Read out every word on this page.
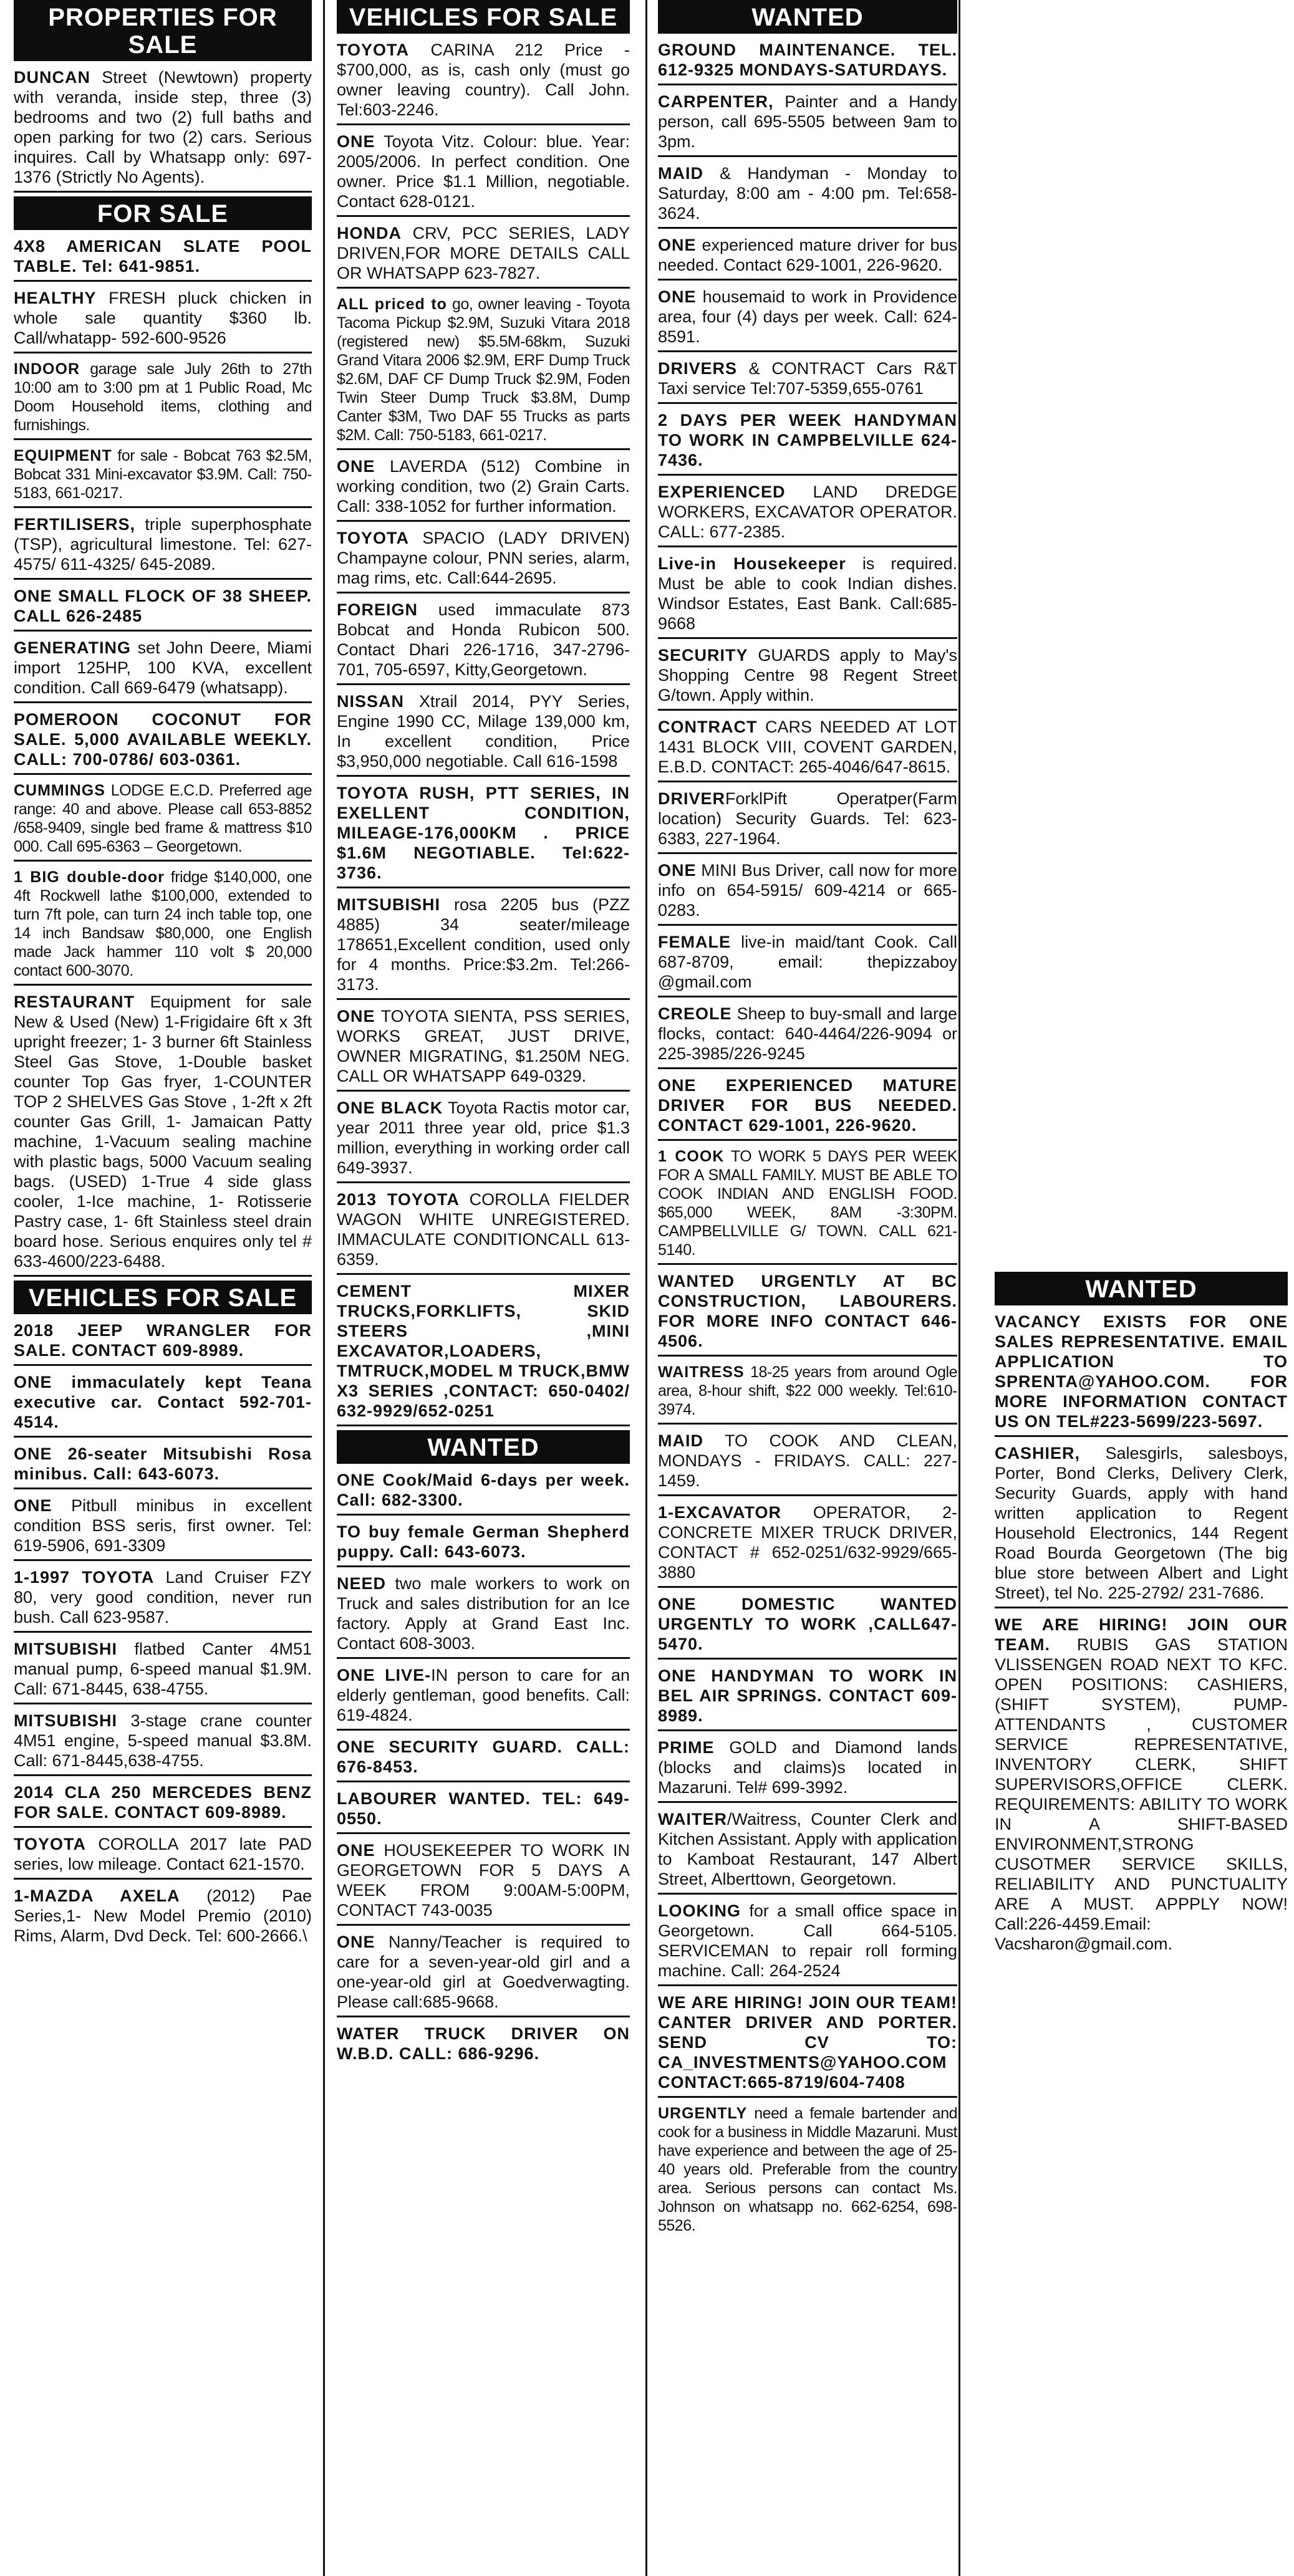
PROPERTIES FOR SALE
DUNCAN Street (Newtown) property with veranda, inside step, three (3) bedrooms and two (2) full baths and open parking for two (2) cars. Serious inquires. Call by Whatsapp only: 697-1376 (Strictly No Agents).
FOR SALE
4X8 AMERICAN SLATE POOL TABLE. Tel: 641-9851.
HEALTHY FRESH pluck chicken in whole sale quantity $360 lb. Call/whatapp- 592-600-9526
INDOOR garage sale July 26th to 27th 10:00 am to 3:00 pm at 1 Public Road, Mc Doom Household items, clothing and furnishings.
EQUIPMENT for sale - Bobcat 763 $2.5M, Bobcat 331 Mini-excavator $3.9M. Call: 750-5183, 661-0217.
FERTILISERS, triple superphosphate (TSP), agricultural limestone. Tel: 627-4575/ 611-4325/ 645-2089.
ONE SMALL FLOCK OF 38 SHEEP. CALL 626-2485
GENERATING set John Deere, Miami import 125HP, 100 KVA, excellent condition. Call 669-6479 (whatsapp).
POMEROON COCONUT FOR SALE. 5,000 AVAILABLE WEEKLY. CALL: 700-0786/ 603-0361.
CUMMINGS LODGE E.C.D. Preferred age range: 40 and above. Please call 653-8852 /658-9409, single bed frame & mattress $10 000. Call 695-6363 – Georgetown.
1 BIG double-door fridge $140,000, one 4ft Rockwell lathe $100,000, extended to turn 7ft pole, can turn 24 inch table top, one 14 inch Bandsaw $80,000, one English made Jack hammer 110 volt $ 20,000 contact 600-3070.
RESTAURANT Equipment for sale New & Used (New) 1-Frigidaire 6ft x 3ft upright freezer; 1- 3 burner 6ft Stainless Steel Gas Stove, 1-Double basket counter Top Gas fryer, 1-COUNTER TOP 2 SHELVES Gas Stove , 1-2ft x 2ft counter Gas Grill, 1- Jamaican Patty machine, 1-Vacuum sealing machine with plastic bags, 5000 Vacuum sealing bags. (USED) 1-True 4 side glass cooler, 1-Ice machine, 1- Rotisserie Pastry case, 1- 6ft Stainless steel drain board hose. Serious enquires only tel # 633-4600/223-6488.
VEHICLES FOR SALE
2018 JEEP WRANGLER FOR SALE. CONTACT 609-8989.
ONE immaculately kept Teana executive car. Contact 592-701-4514.
ONE 26-seater Mitsubishi Rosa minibus. Call: 643-6073.
ONE Pitbull minibus in excellent condition BSS seris, first owner. Tel: 619-5906, 691-3309
1-1997 TOYOTA Land Cruiser FZY 80, very good condition, never run bush. Call 623-9587.
MITSUBISHI flatbed Canter 4M51 manual pump, 6-speed manual $1.9M. Call: 671-8445, 638-4755.
MITSUBISHI 3-stage crane counter 4M51 engine, 5-speed manual $3.8M. Call: 671-8445,638-4755.
2014 CLA 250 MERCEDES BENZ FOR SALE. CONTACT 609-8989.
TOYOTA COROLLA 2017 late PAD series, low mileage. Contact 621-1570.
1-MAZDA AXELA (2012) Pae Series,1- New Model Premio (2010) Rims, Alarm, Dvd Deck. Tel: 600-2666.\
VEHICLES FOR SALE
TOYOTA CARINA 212 Price - $700,000, as is, cash only (must go owner leaving country). Call John. Tel:603-2246.
ONE Toyota Vitz. Colour: blue. Year: 2005/2006. In perfect condition. One owner. Price $1.1 Million, negotiable. Contact 628-0121.
HONDA CRV, PCC SERIES, LADY DRIVEN,FOR MORE DETAILS CALL OR WHATSAPP 623-7827.
ALL priced to go, owner leaving - Toyota Tacoma Pickup $2.9M, Suzuki Vitara 2018 (registered new) $5.5M-68km, Suzuki Grand Vitara 2006 $2.9M, ERF Dump Truck $2.6M, DAF CF Dump Truck $2.9M, Foden Twin Steer Dump Truck $3.8M, Dump Canter $3M, Two DAF 55 Trucks as parts $2M. Call: 750-5183, 661-0217.
ONE LAVERDA (512) Combine in working condition, two (2) Grain Carts. Call: 338-1052 for further information.
TOYOTA SPACIO (LADY DRIVEN) Champayne colour, PNN series, alarm, mag rims, etc. Call:644-2695.
FOREIGN used immaculate 873 Bobcat and Honda Rubicon 500. Contact Dhari 226-1716, 347-2796-701, 705-6597, Kitty,Georgetown.
NISSAN Xtrail 2014, PYY Series, Engine 1990 CC, Milage 139,000 km, In excellent condition, Price $3,950,000 negotiable. Call 616-1598
TOYOTA RUSH, PTT SERIES, IN EXELLENT CONDITION, MILEAGE-176,000KM . PRICE $1.6M NEGOTIABLE. Tel:622-3736.
MITSUBISHI rosa 2205 bus (PZZ 4885) 34 seater/mileage 178651,Excellent condition, used only for 4 months. Price:$3.2m. Tel:266-3173.
ONE TOYOTA SIENTA, PSS SERIES, WORKS GREAT, JUST DRIVE, OWNER MIGRATING, $1.250M NEG. CALL OR WHATSAPP 649-0329.
ONE BLACK Toyota Ractis motor car, year 2011 three year old, price $1.3 million, everything in working order call 649-3937.
2013 TOYOTA COROLLA FIELDER WAGON WHITE UNREGISTERED. IMMACULATE CONDITIONCALL 613-6359.
CEMENT MIXER TRUCKS,FORKLIFTS, SKID STEERS ,MINI EXCAVATOR,LOADERS, TMTRUCK,MODEL M TRUCK,BMW X3 SERIES ,CONTACT: 650-0402/ 632-9929/652-0251
WANTED
ONE Cook/Maid 6-days per week. Call: 682-3300.
TO buy female German Shepherd puppy. Call: 643-6073.
NEED two male workers to work on Truck and sales distribution for an Ice factory. Apply at Grand East Inc. Contact 608-3003.
ONE LIVE-IN person to care for an elderly gentleman, good benefits. Call: 619-4824.
ONE SECURITY GUARD. CALL: 676-8453.
LABOURER WANTED. TEL: 649-0550.
ONE HOUSEKEEPER TO WORK IN GEORGETOWN FOR 5 DAYS A WEEK FROM 9:00AM-5:00PM, CONTACT 743-0035
ONE Nanny/Teacher is required to care for a seven-year-old girl and a one-year-old girl at Goedverwagting. Please call:685-9668.
WATER TRUCK DRIVER ON W.B.D. CALL: 686-9296.
WANTED
GROUND MAINTENANCE. TEL. 612-9325 MONDAYS-SATURDAYS.
CARPENTER, Painter and a Handy person, call 695-5505 between 9am to 3pm.
MAID & Handyman - Monday to Saturday, 8:00 am - 4:00 pm. Tel:658-3624.
ONE experienced mature driver for bus needed. Contact 629-1001, 226-9620.
ONE housemaid to work in Providence area, four (4) days per week. Call: 624-8591.
DRIVERS & CONTRACT Cars R&T Taxi service Tel:707-5359,655-0761
2 DAYS PER WEEK HANDYMAN TO WORK IN CAMPBELVILLE 624-7436.
EXPERIENCED LAND DREDGE WORKERS, EXCAVATOR OPERATOR. CALL: 677-2385.
Live-in Housekeeper is required. Must be able to cook Indian dishes. Windsor Estates, East Bank. Call:685-9668
SECURITY GUARDS apply to May's Shopping Centre 98 Regent Street G/town. Apply within.
CONTRACT CARS NEEDED AT LOT 1431 BLOCK VIII, COVENT GARDEN, E.B.D. CONTACT: 265-4046/647-8615.
DRIVERForklPift Operatper(Farm location) Security Guards. Tel: 623-6383, 227-1964.
ONE MINI Bus Driver, call now for more info on 654-5915/ 609-4214 or 665-0283.
FEMALE live-in maid/tant Cook. Call 687-8709, email: thepizzaboy @gmail.com
CREOLE Sheep to buy-small and large flocks, contact: 640-4464/226-9094 or 225-3985/226-9245
ONE EXPERIENCED MATURE DRIVER FOR BUS NEEDED. CONTACT 629-1001, 226-9620.
1 COOK TO WORK 5 DAYS PER WEEK FOR A SMALL FAMILY. MUST BE ABLE TO COOK INDIAN AND ENGLISH FOOD. $65,000 WEEK, 8AM -3:30PM. CAMPBELLVILLE G/ TOWN. CALL 621-5140.
WANTED URGENTLY AT BC CONSTRUCTION, LABOURERS. FOR MORE INFO CONTACT 646-4506.
WAITRESS 18-25 years from around Ogle area, 8-hour shift, $22 000 weekly. Tel:610-3974.
MAID TO COOK AND CLEAN, MONDAYS - FRIDAYS. CALL: 227-1459.
1-EXCAVATOR OPERATOR, 2- CONCRETE MIXER TRUCK DRIVER, CONTACT # 652-0251/632-9929/665-3880
ONE DOMESTIC WANTED URGENTLY TO WORK ,CALL647-5470.
ONE HANDYMAN TO WORK IN BEL AIR SPRINGS. CONTACT 609-8989.
PRIME GOLD and Diamond lands (blocks and claims)s located in Mazaruni. Tel# 699-3992.
WAITER/Waitress, Counter Clerk and Kitchen Assistant. Apply with application to Kamboat Restaurant, 147 Albert Street, Alberttown, Georgetown.
LOOKING for a small office space in Georgetown. Call 664-5105. SERVICEMAN to repair roll forming machine. Call: 264-2524
WE ARE HIRING! JOIN OUR TEAM! CANTER DRIVER AND PORTER. SEND CV TO: CA_INVESTMENTS@YAHOO.COM CONTACT:665-8719/604-7408
URGENTLY need a female bartender and cook for a business in Middle Mazaruni. Must have experience and between the age of 25-40 years old. Preferable from the country area. Serious persons can contact Ms. Johnson on whatsapp no. 662-6254, 698-5526.
WANTED
VACANCY EXISTS FOR ONE SALES REPRESENTATIVE. EMAIL APPLICATION TO SPRENTA@YAHOO.COM. FOR MORE INFORMATION CONTACT US ON TEL#223-5699/223-5697.
CASHIER, Salesgirls, salesboys, Porter, Bond Clerks, Delivery Clerk, Security Guards, apply with hand written application to Regent Household Electronics, 144 Regent Road Bourda Georgetown (The big blue store between Albert and Light Street), tel No. 225-2792/ 231-7686.
WE ARE HIRING! JOIN OUR TEAM. RUBIS GAS STATION VLISSENGEN ROAD NEXT TO KFC. OPEN POSITIONS: CASHIERS, (SHIFT SYSTEM), PUMP-ATTENDANTS , CUSTOMER SERVICE REPRESENTATIVE, INVENTORY CLERK, SHIFT SUPERVISORS,OFFICE CLERK. REQUIREMENTS: ABILITY TO WORK IN A SHIFT-BASED ENVIRONMENT,STRONG CUSOTMER SERVICE SKILLS, RELIABILITY AND PUNCTUALITY ARE A MUST. APPPLY NOW! Call:226-4459.Email: Vacsharon@gmail.com.
